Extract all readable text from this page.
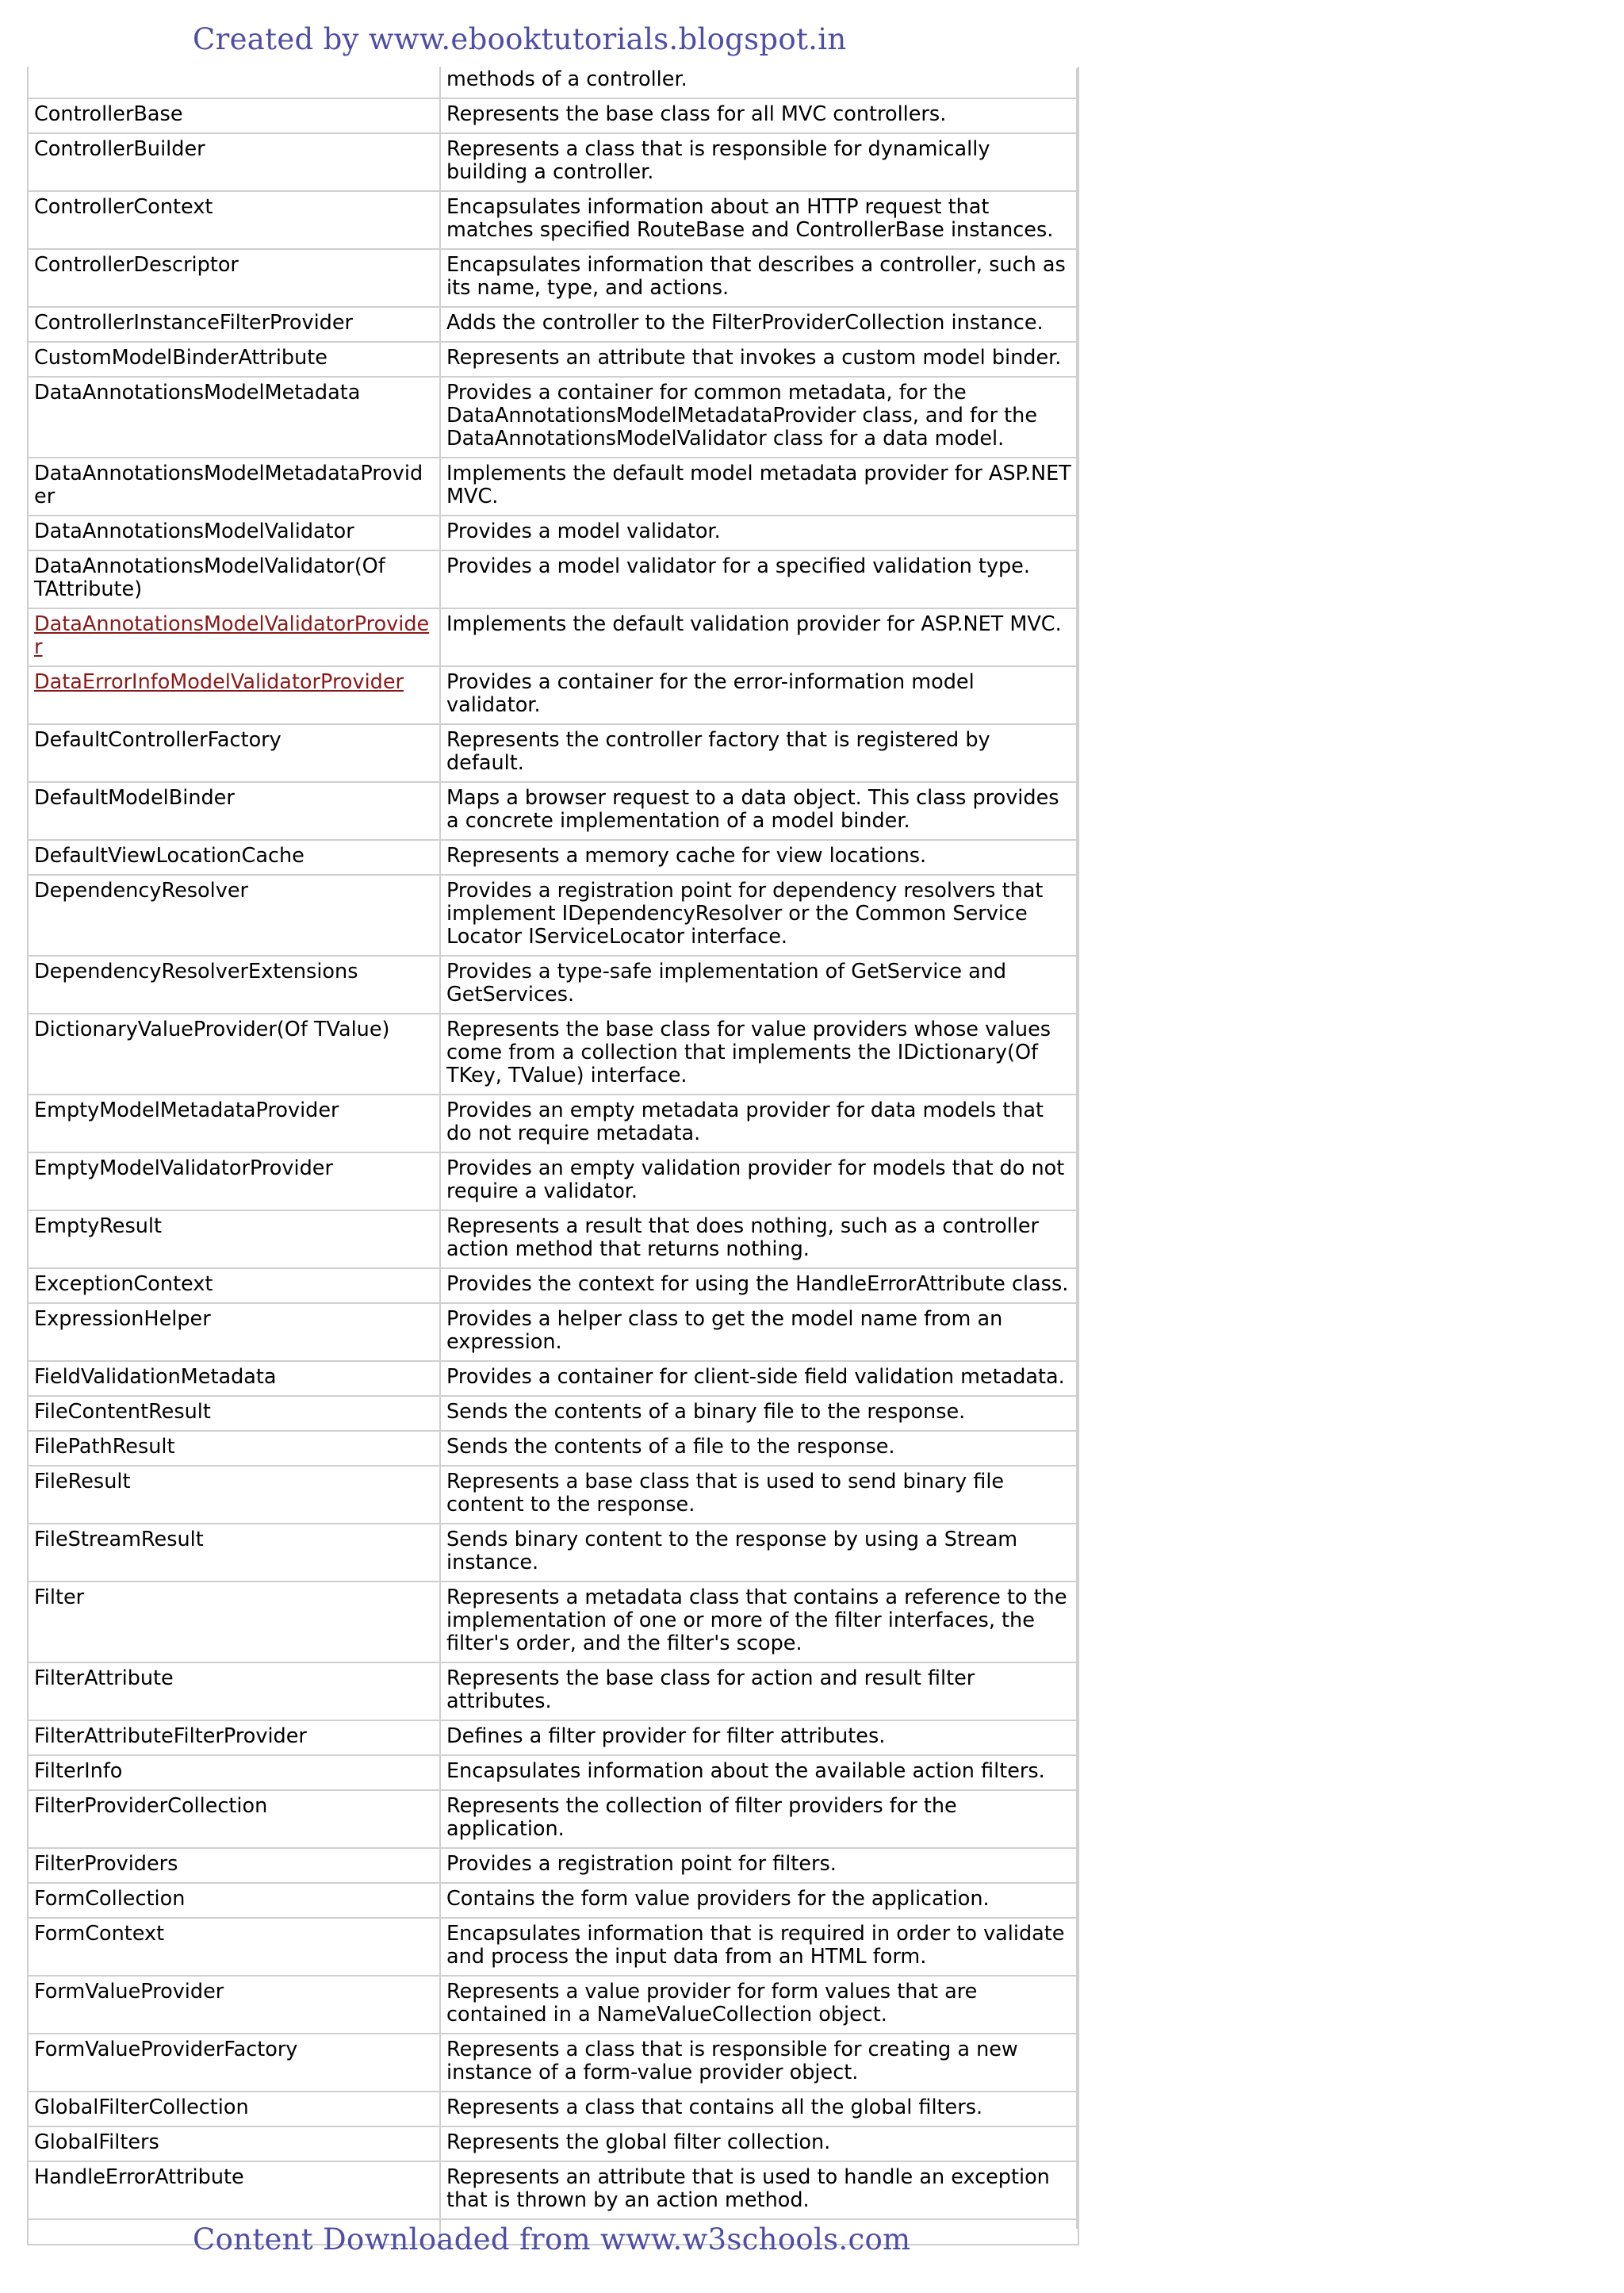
Created by www.ebooktutorials.blogspot.in
	methods of a controller.
ControllerBase	Represents the base class for all MVC controllers.
ControllerBuilder	Represents a class that is responsible for dynamically building a controller.
ControllerContext	Encapsulates information about an HTTP request that matches specified RouteBase and ControllerBase instances.
ControllerDescriptor	Encapsulates information that describes a controller, such as its name, type, and actions.
ControllerInstanceFilterProvider	Adds the controller to the FilterProviderCollection instance.
CustomModelBinderAttribute	Represents an attribute that invokes a custom model binder.
DataAnnotationsModelMetadata	Provides a container for common metadata, for the DataAnnotationsModelMetadataProvider class, and for the DataAnnotationsModelValidator class for a data model.
DataAnnotationsModelMetadataProvider	Implements the default model metadata provider for ASP.NET MVC.
DataAnnotationsModelValidator	Provides a model validator.
DataAnnotationsModelValidator(Of TAttribute)	Provides a model validator for a specified validation type.
DataAnnotationsModelValidatorProvider	Implements the default validation provider for ASP.NET MVC.
DataErrorInfoModelValidatorProvider	Provides a container for the error-information model validator.
DefaultControllerFactory	Represents the controller factory that is registered by default.
DefaultModelBinder	Maps a browser request to a data object. This class provides a concrete implementation of a model binder.
DefaultViewLocationCache	Represents a memory cache for view locations.
DependencyResolver	Provides a registration point for dependency resolvers that implement IDependencyResolver or the Common Service Locator IServiceLocator interface.
DependencyResolverExtensions	Provides a type-safe implementation of GetService and GetServices.
DictionaryValueProvider(Of TValue)	Represents the base class for value providers whose values come from a collection that implements the IDictionary(Of TKey, TValue) interface.
EmptyModelMetadataProvider	Provides an empty metadata provider for data models that do not require metadata.
EmptyModelValidatorProvider	Provides an empty validation provider for models that do not require a validator.
EmptyResult	Represents a result that does nothing, such as a controller action method that returns nothing.
ExceptionContext	Provides the context for using the HandleErrorAttribute class.
ExpressionHelper	Provides a helper class to get the model name from an expression.
FieldValidationMetadata	Provides a container for client-side field validation metadata.
FileContentResult	Sends the contents of a binary file to the response.
FilePathResult	Sends the contents of a file to the response.
FileResult	Represents a base class that is used to send binary file content to the response.
FileStreamResult	Sends binary content to the response by using a Stream instance.
Filter	Represents a metadata class that contains a reference to the implementation of one or more of the filter interfaces, the filter's order, and the filter's scope.
FilterAttribute	Represents the base class for action and result filter attributes.
FilterAttributeFilterProvider	Defines a filter provider for filter attributes.
FilterInfo	Encapsulates information about the available action filters.
FilterProviderCollection	Represents the collection of filter providers for the application.
FilterProviders	Provides a registration point for filters.
FormCollection	Contains the form value providers for the application.
FormContext	Encapsulates information that is required in order to validate and process the input data from an HTML form.
FormValueProvider	Represents a value provider for form values that are contained in a NameValueCollection object.
FormValueProviderFactory	Represents a class that is responsible for creating a new instance of a form-value provider object.
GlobalFilterCollection	Represents a class that contains all the global filters.
GlobalFilters	Represents the global filter collection.
HandleErrorAttribute	Represents an attribute that is used to handle an exception that is thrown by an action method.

Content Downloaded from www.w3schools.com
